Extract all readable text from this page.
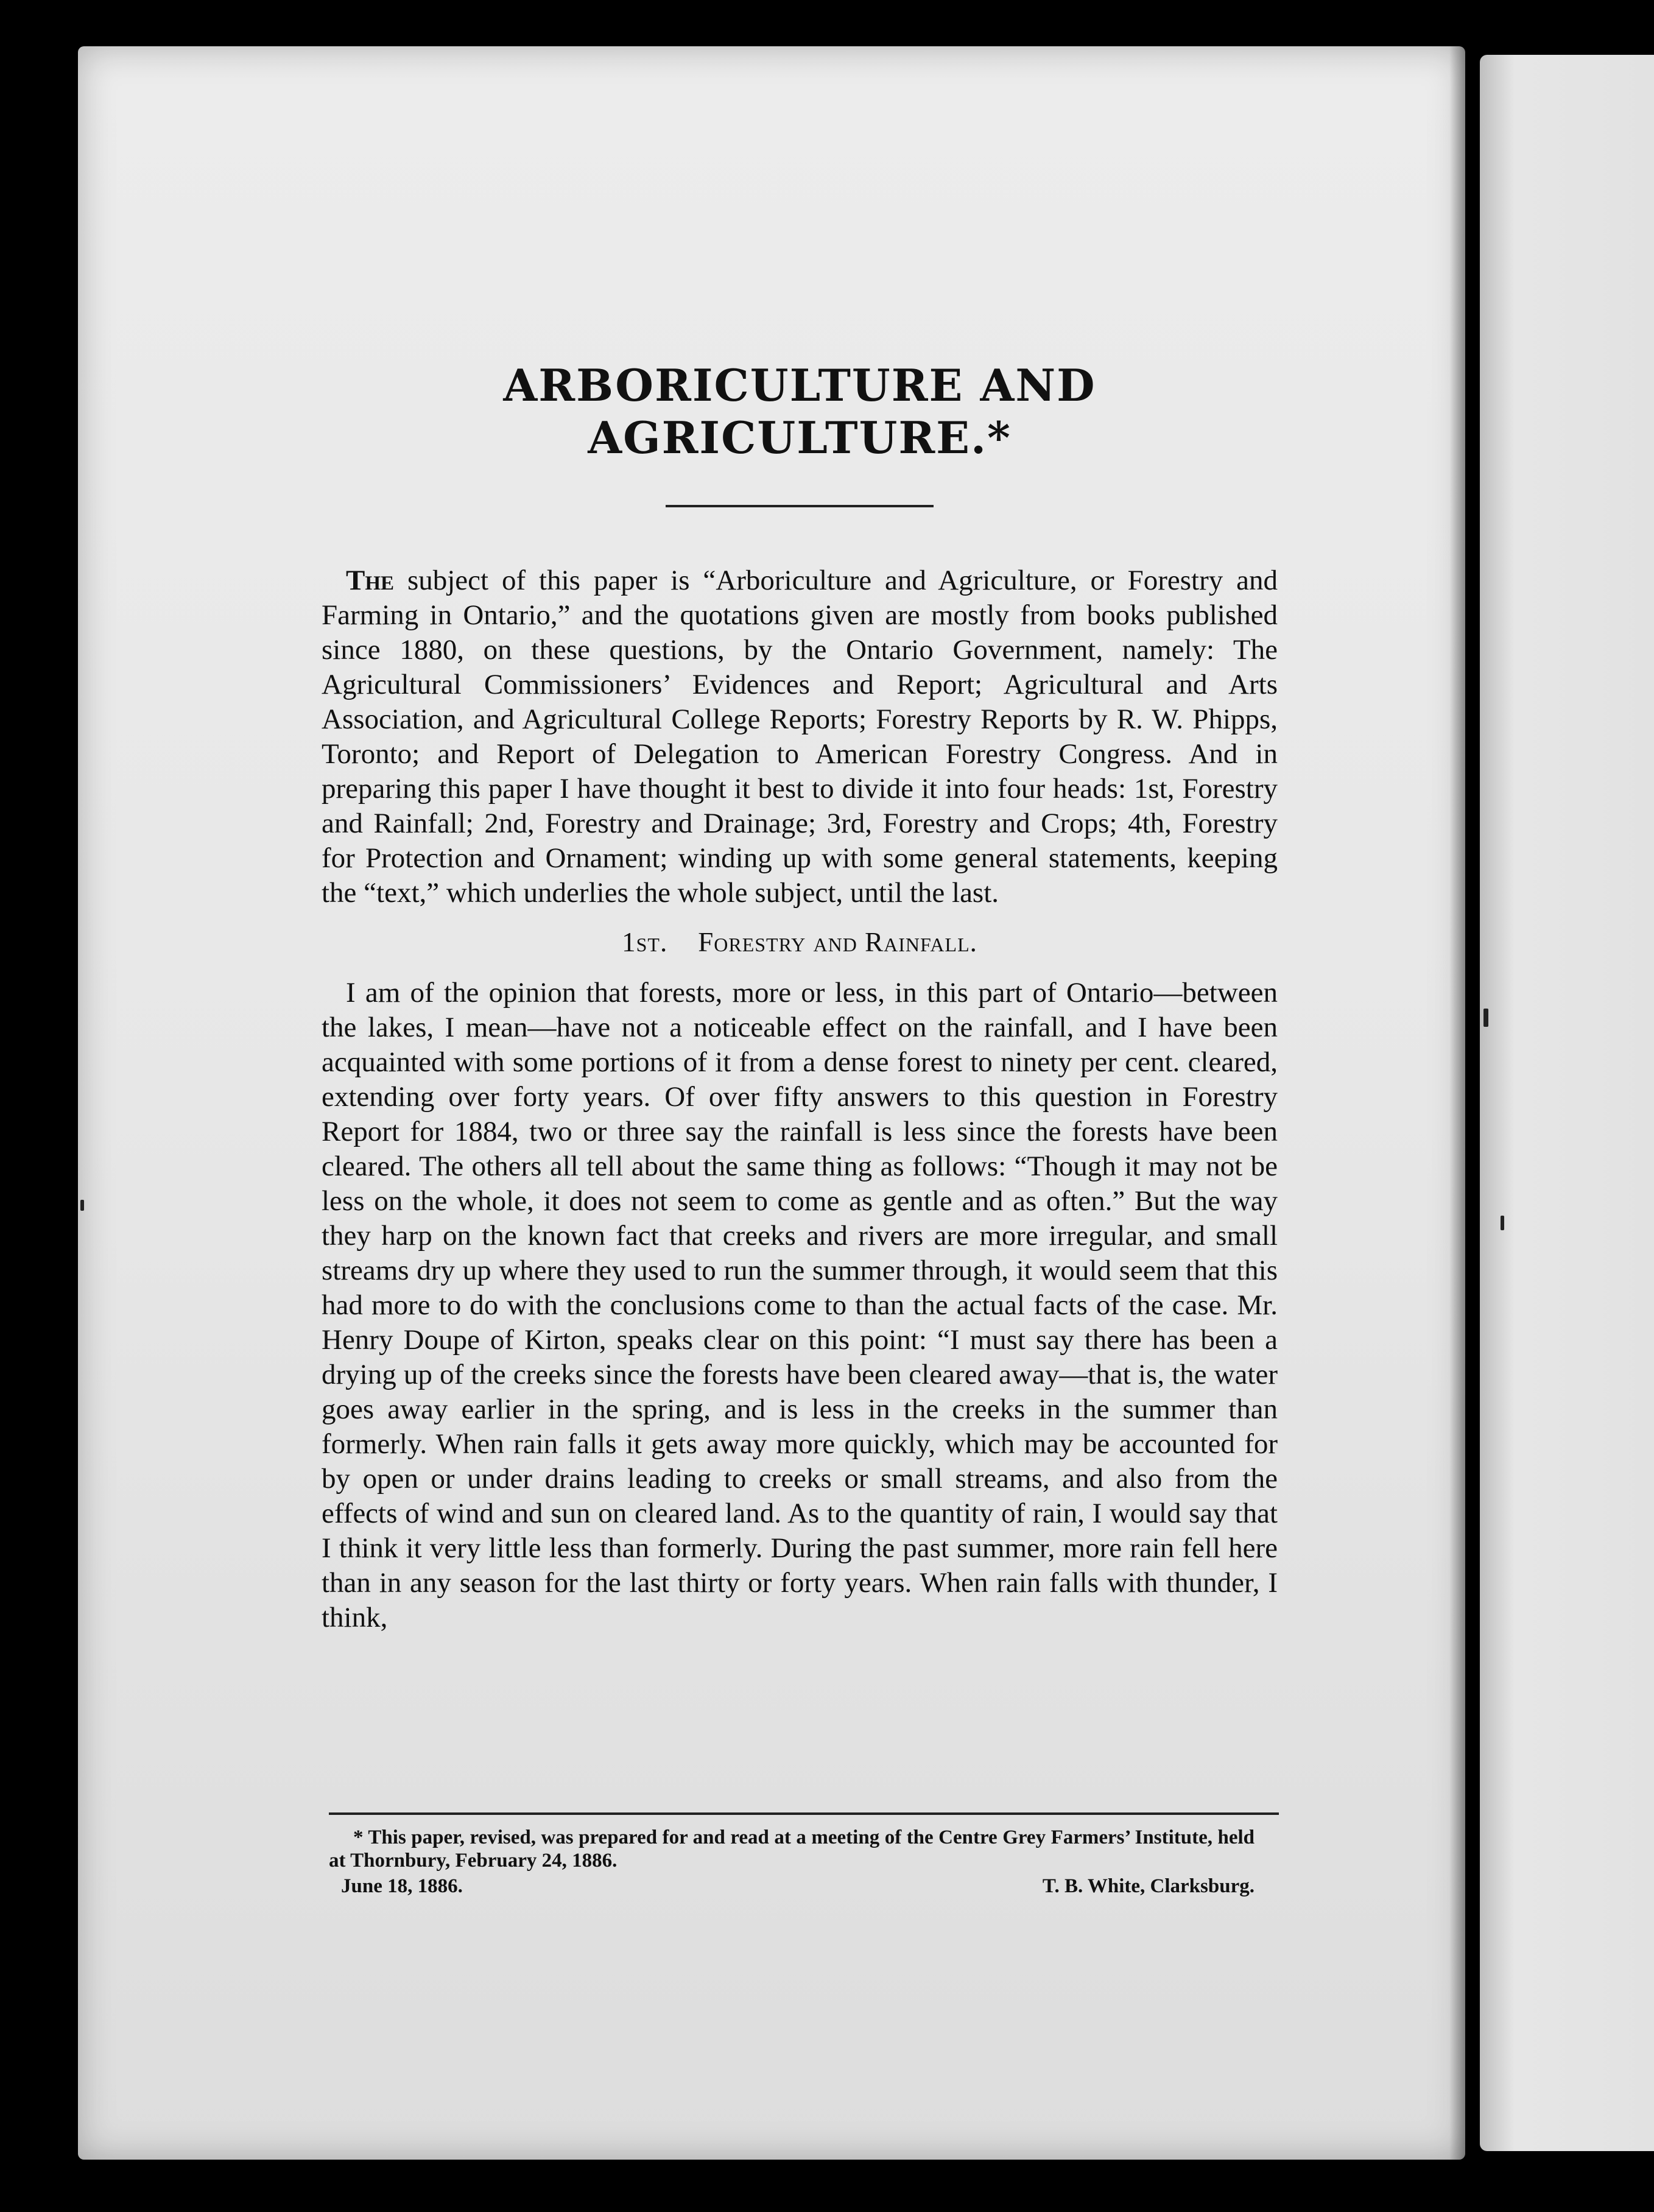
ARBORICULTURE AND AGRICULTURE.*

The subject of this paper is “Arboriculture and Agriculture, or Forestry and Farming in Ontario,” and the quotations given are mostly from books published since 1880, on these questions, by the Ontario Government, namely: The Agricultural Commissioners’ Evidences and Report; Agricultural and Arts Association, and Agricultural College Reports; Forestry Reports by R. W. Phipps, Toronto; and Report of Delegation to American Forestry Congress. And in preparing this paper I have thought it best to divide it into four heads: 1st, Forestry and Rainfall; 2nd, Forestry and Drainage; 3rd, Forestry and Crops; 4th, Forestry for Protection and Ornament; winding up with some general statements, keeping the “text,” which underlies the whole subject, until the last.

1st. Forestry and Rainfall.

I am of the opinion that forests, more or less, in this part of Ontario—between the lakes, I mean—have not a noticeable effect on the rainfall, and I have been acquainted with some portions of it from a dense forest to ninety per cent. cleared, extending over forty years. Of over fifty answers to this question in Forestry Report for 1884, two or three say the rainfall is less since the forests have been cleared. The others all tell about the same thing as follows: “Though it may not be less on the whole, it does not seem to come as gentle and as often.” But the way they harp on the known fact that creeks and rivers are more irregular, and small streams dry up where they used to run the summer through, it would seem that this had more to do with the conclusions come to than the actual facts of the case. Mr. Henry Doupe of Kirton, speaks clear on this point: “I must say there has been a drying up of the creeks since the forests have been cleared away—that is, the water goes away earlier in the spring, and is less in the creeks in the summer than formerly. When rain falls it gets away more quickly, which may be accounted for by open or under drains leading to creeks or small streams, and also from the effects of wind and sun on cleared land. As to the quantity of rain, I would say that I think it very little less than formerly. During the past summer, more rain fell here than in any season for the last thirty or forty years. When rain falls with thunder, I think,

* This paper, revised, was prepared for and read at a meeting of the Centre Grey Farmers’ Institute, held at Thornbury, February 24, 1886.

June 18, 1886.	T. B. White, Clarksburg.
